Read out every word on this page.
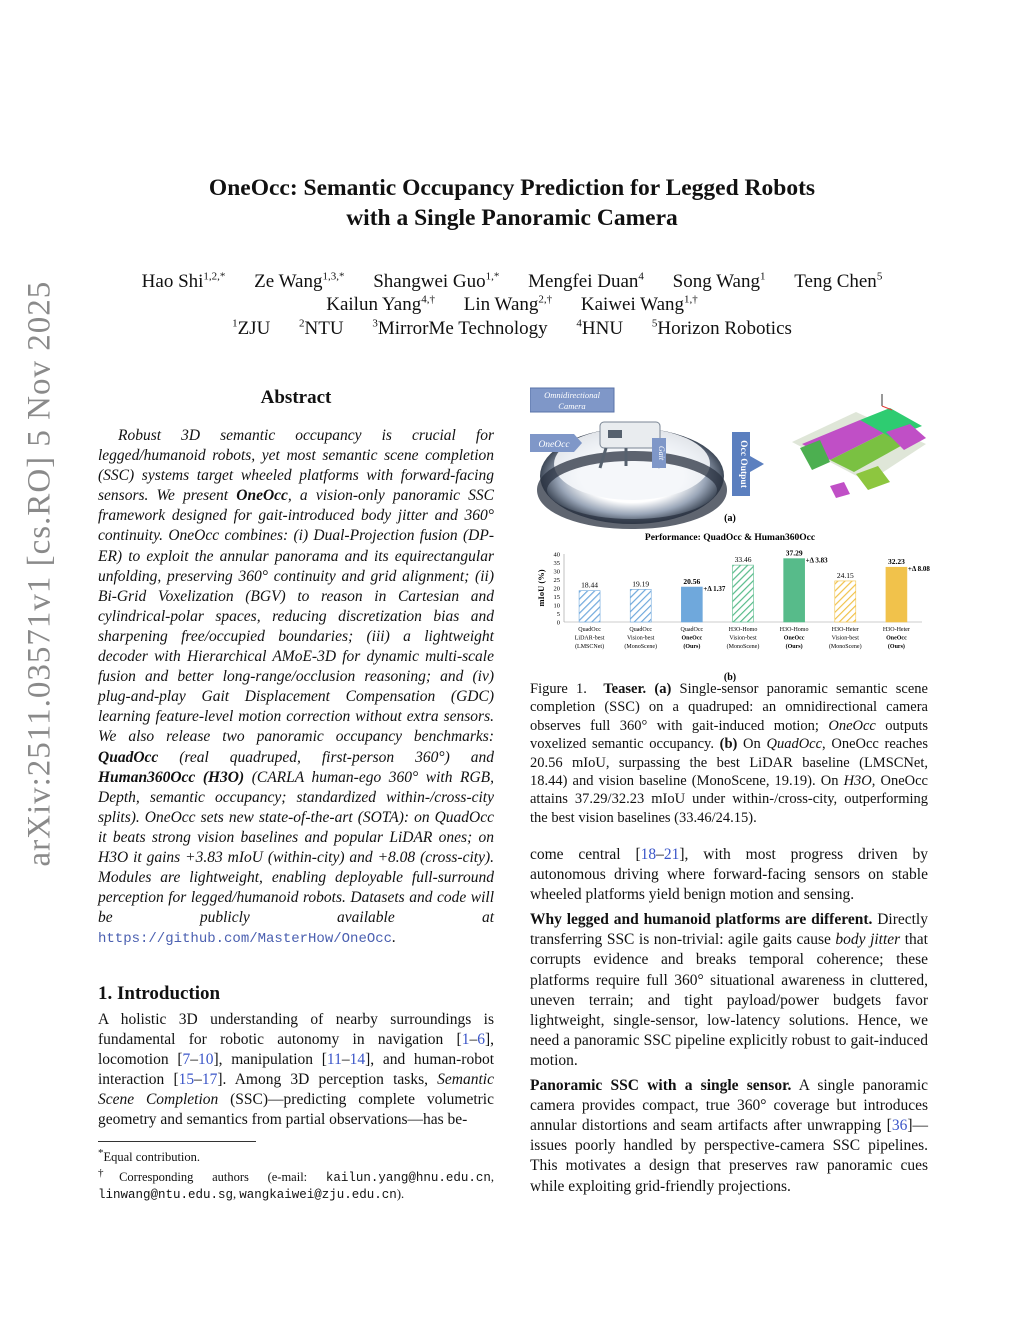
arXiv:2511.03571v1 [cs.RO] 5 Nov 2025
OneOcc: Semantic Occupancy Prediction for Legged Robots
with a Single Panoramic Camera
Hao Shi$^{1,2,*}$ Ze Wang$^{1,3,*}$ Shangwei Guo$^{1,*}$ Mengfei Duan$^4$ Song Wang$^1$ Teng Chen$^5$
Kailun Yang$^{4,\dagger}$ Lin Wang$^{2,\dagger}$ Kaiwei Wang$^{1,\dagger}$
$^1$ZJU	$^2$NTU	$^3$MirrorMe Technology	$^4$HNU	$^5$Horizon Robotics
Abstract

Robust 3D semantic occupancy is crucial for legged/humanoid robots, yet most semantic scene completion (SSC) systems target wheeled platforms with forward-facing sensors. We present OneOcc, a vision-only panoramic SSC framework designed for gait-introduced body jitter and 360° continuity. OneOcc combines: (i) Dual-Projection fusion (DP-ER) to exploit the annular panorama and its equirectangular unfolding, preserving 360° continuity and grid alignment; (ii) Bi-Grid Voxelization (BGV) to reason in Cartesian and cylindrical-polar spaces, reducing discretization bias and sharpening free/occupied boundaries; (iii) a lightweight decoder with Hierarchical AMoE-3D for dynamic multi-scale fusion and better long-range/occlusion reasoning; and (iv) plug-and-play Gait Displacement Compensation (GDC) learning feature-level motion correction without extra sensors. We also release two panoramic occupancy benchmarks: QuadOcc (real quadruped, first-person 360°) and Human360Occ (H3O) (CARLA human-ego 360° with RGB, Depth, semantic occupancy; standardized within-/cross-city splits). OneOcc sets new state-of-the-art (SOTA): on QuadOcc it beats strong vision baselines and popular LiDAR ones; on H3O it gains +3.83 mIoU (within-city) and +8.08 (cross-city). Modules are lightweight, enabling deployable full-surround perception for legged/humanoid robots. Datasets and code will be publicly available at https://github.com/MasterHow/OneOcc.

1. Introduction

A holistic 3D understanding of nearby surroundings is fundamental for robotic autonomy in navigation [1–6], locomotion [7–10], manipulation [11–14], and human-robot interaction [15–17]. Among 3D perception tasks, Semantic Scene Completion (SSC)—predicting complete volumetric geometry and semantics from partial observations—has be-

*Equal contribution.
†Corresponding authors (e-mail: kailun.yang@hnu.edu.cn, linwang@ntu.edu.sg, wangkaiwei@zju.edu.cn).
Omnidirectional
Camera
OneOcc
Gait	Occ Output
(a)
Performance: QuadOcc & Human360Occ
mIoU (%)
0
5
10
15
20
25
30
35
40
18.44
QuadOcc
LiDAR-best
(LMSCNet)
19.19
QuadOcc
Vision-best
(MonoScene)
20.56
+Δ 1.37
QuadOcc
OneOcc
(Ours)
33.46
H3O-Homo
Vision-best
(MonoScene)
37.29
+Δ 3.83
H3O-Homo
OneOcc
(Ours)
24.15
H3O-Heter
Vision-best
(MonoScene)
32.23
+Δ 8.08
H3O-Heter
OneOcc
(Ours)
(b)
Figure 1. Teaser. (a) Single-sensor panoramic semantic scene completion (SSC) on a quadruped: an omnidirectional camera observes full 360° with gait-induced motion; OneOcc outputs voxelized semantic occupancy. (b) On QuadOcc, OneOcc reaches 20.56 mIoU, surpassing the best LiDAR baseline (LMSCNet, 18.44) and vision baseline (MonoScene, 19.19). On H3O, OneOcc attains 37.29/32.23 mIoU under within-/cross-city, outperforming the best vision baselines (33.46/24.15).

come central [18–21], with most progress driven by autonomous driving where forward-facing sensors on stable wheeled platforms yield benign motion and sensing.

Why legged and humanoid platforms are different. Directly transferring SSC is non-trivial: agile gaits cause body jitter that corrupts evidence and breaks temporal coherence; these platforms require full 360° situational awareness in cluttered, uneven terrain; and tight payload/power budgets favor lightweight, single-sensor, low-latency solutions. Hence, we need a panoramic SSC pipeline explicitly robust to gait-induced motion.

Panoramic SSC with a single sensor. A single panoramic camera provides compact, true 360° coverage but introduces annular distortions and seam artifacts after unwrapping [36]—issues poorly handled by perspective-camera SSC pipelines. This motivates a design that preserves raw panoramic cues while exploiting grid-friendly projections.
